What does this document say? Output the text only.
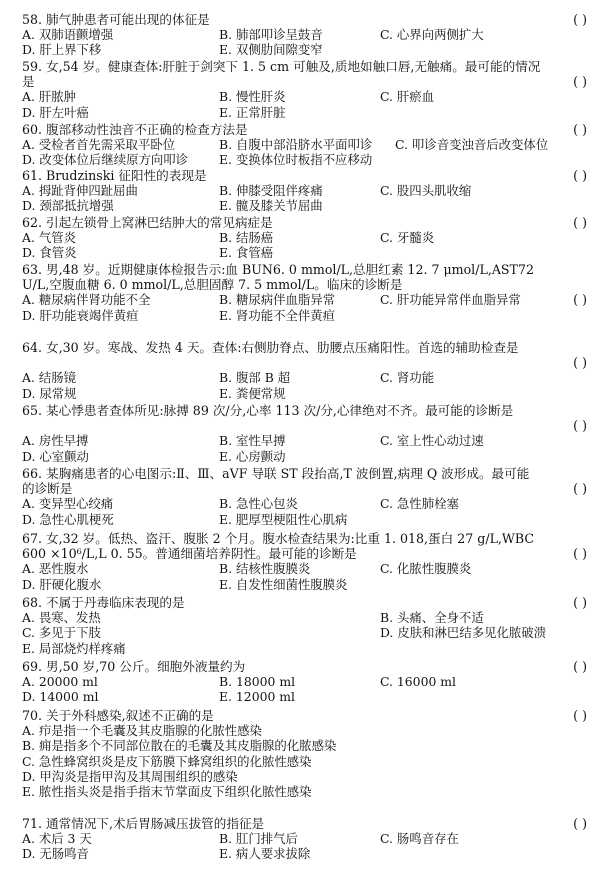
( )
58. 肺气肿患者可能出现的体征是
A. 双肺语颤增强	B. 肺部叩诊呈鼓音	C. 心界向两侧扩大
D. 肝上界下移	E. 双侧肋间隙变窄
( )
59. 女,54 岁。健康查体:肝脏于剑突下 1. 5 cm 可触及,质地如触口唇,无触痛。最可能的情况是
A. 肝脓肿	B. 慢性肝炎	C. 肝瘀血
D. 肝左叶癌	E. 正常肝脏
( )
60. 腹部移动性浊音不正确的检查方法是
A. 受检者首先需采取平卧位	B. 自腹中部沿脐水平面叩诊 C. 叩诊音变浊音后改变体位
D. 改变体位后继续原方向叩诊 E. 变换体位时板指不应移动
( )
61. Brudzinski 征阳性的表现是
A. 拇趾背伸四趾屈曲	B. 伸膝受阻伴疼痛	C. 股四头肌收缩
D. 颈部抵抗增强	E. 髋及膝关节屈曲
( )
62. 引起左锁骨上窝淋巴结肿大的常见病症是
A. 气管炎	B. 结肠癌	C. 牙髓炎
D. 食管炎	E. 食管癌
( )
63. 男,48 岁。近期健康体检报告示:血 BUN6. 0 mmol/L,总胆红素 12. 7 μmol/L,AST72 U/L,空腹血糖 6. 0 mmol/L,总胆固醇 7. 5 mmol/L。临床的诊断是
A. 糖尿病伴肾功能不全	B. 糖尿病伴血脂异常	C. 肝功能异常伴血脂异常
D. 肝功能衰竭伴黄疸	E. 肾功能不全伴黄疸
64. 女,30 岁。寒战、发热 4 天。查体:右侧肋脊点、肋腰点压痛阳性。首选的辅助检查是
( )
A. 结肠镜	B. 腹部 B 超	C. 肾功能
D. 尿常规	E. 粪便常规
65. 某心悸患者查体所见:脉搏 89 次/分,心率 113 次/分,心律绝对不齐。最可能的诊断是
( )
A. 房性早搏	B. 室性早搏	C. 室上性心动过速
D. 心室颤动	E. 心房颤动
( )
66. 某胸痛患者的心电图示:Ⅱ、Ⅲ、aVF 导联 ST 段抬高,T 波倒置,病理 Q 波形成。最可能的诊断是
A. 变异型心绞痛	B. 急性心包炎	C. 急性肺栓塞
D. 急性心肌梗死	E. 肥厚型梗阻性心肌病
( )
67. 女,32 岁。低热、盗汗、腹胀 2 个月。腹水检查结果为:比重 1. 018,蛋白 27 g/L,WBC 600 ×10⁶/L,L 0. 55。普通细菌培养阴性。最可能的诊断是
A. 恶性腹水	B. 结核性腹膜炎	C. 化脓性腹膜炎
D. 肝硬化腹水	E. 自发性细菌性腹膜炎
( )
68. 不属于丹毒临床表现的是
A. 畏寒、发热	B. 头痛、全身不适
C. 多见于下肢	D. 皮肤和淋巴结多见化脓破溃
E. 局部烧灼样疼痛
( )
69. 男,50 岁,70 公斤。细胞外液量约为
A. 20000 ml	B. 18000 ml	C. 16000 ml
D. 14000 ml	E. 12000 ml
( )
70. 关于外科感染,叙述不正确的是
A. 疖是指一个毛囊及其皮脂腺的化脓性感染
B. 痈是指多个不同部位散在的毛囊及其皮脂腺的化脓感染
C. 急性蜂窝织炎是皮下筋膜下蜂窝组织的化脓性感染
D. 甲沟炎是指甲沟及其周围组织的感染
E. 脓性指头炎是指手指末节掌面皮下组织化脓性感染
( )
71. 通常情况下,术后胃肠减压拔管的指征是
A. 术后 3 天	B. 肛门排气后	C. 肠鸣音存在
D. 无肠鸣音	E. 病人要求拔除
